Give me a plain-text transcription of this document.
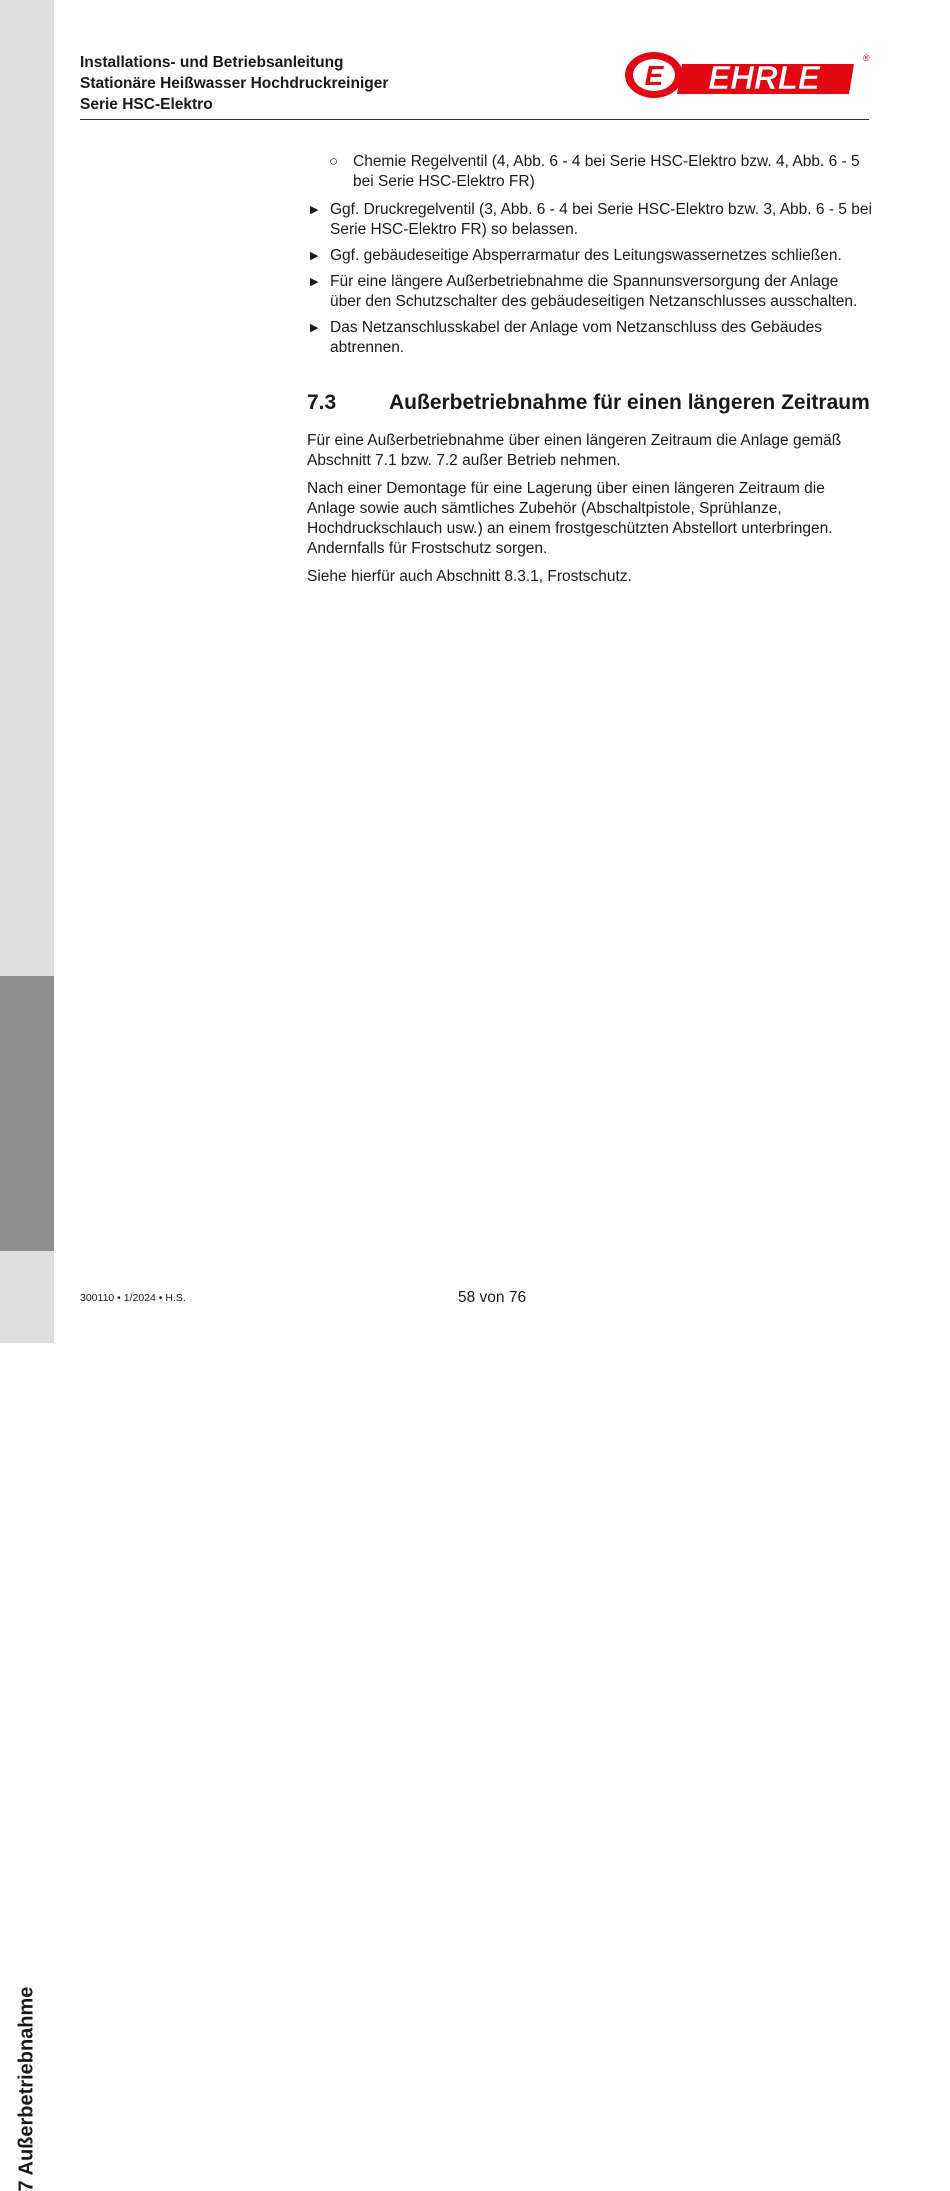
7 Außerbetriebnahme
Installations- und Betriebsanleitung
Stationäre Heißwasser Hochdruckreiniger
Serie HSC-Elektro
E EHRLE
®
○ Chemie Regelventil (4, Abb. 6 - 4 bei Serie HSC-Elektro bzw. 4, Abb. 6 - 5 bei Serie HSC-Elektro FR)
▶ Ggf. Druckregelventil (3, Abb. 6 - 4 bei Serie HSC-Elektro bzw. 3, Abb. 6 - 5 bei Serie HSC-Elektro FR) so belassen.
▶ Ggf. gebäudeseitige Absperrarmatur des Leitungswassernetzes schließen.
▶ Für eine längere Außerbetriebnahme die Spannunsversorgung der Anlage über den Schutzschalter des gebäudeseitigen Netzanschlusses ausschalten.
▶ Das Netzanschlusskabel der Anlage vom Netzanschluss des Gebäudes abtrennen.
7.3	Außerbetriebnahme für einen längeren Zeitraum

Für eine Außerbetriebnahme über einen längeren Zeitraum die Anlage gemäß Abschnitt 7.1 bzw. 7.2 außer Betrieb nehmen.

Nach einer Demontage für eine Lagerung über einen längeren Zeitraum die Anlage sowie auch sämtliches Zubehör (Abschaltpistole, Sprühlanze, Hochdruckschlauch usw.) an einem frostgeschützten Abstellort unterbringen. Andernfalls für Frostschutz sorgen.

Siehe hierfür auch Abschnitt 8.3.1, Frostschutz.

300110 • 1/2024 • H.S.	58 von 76
